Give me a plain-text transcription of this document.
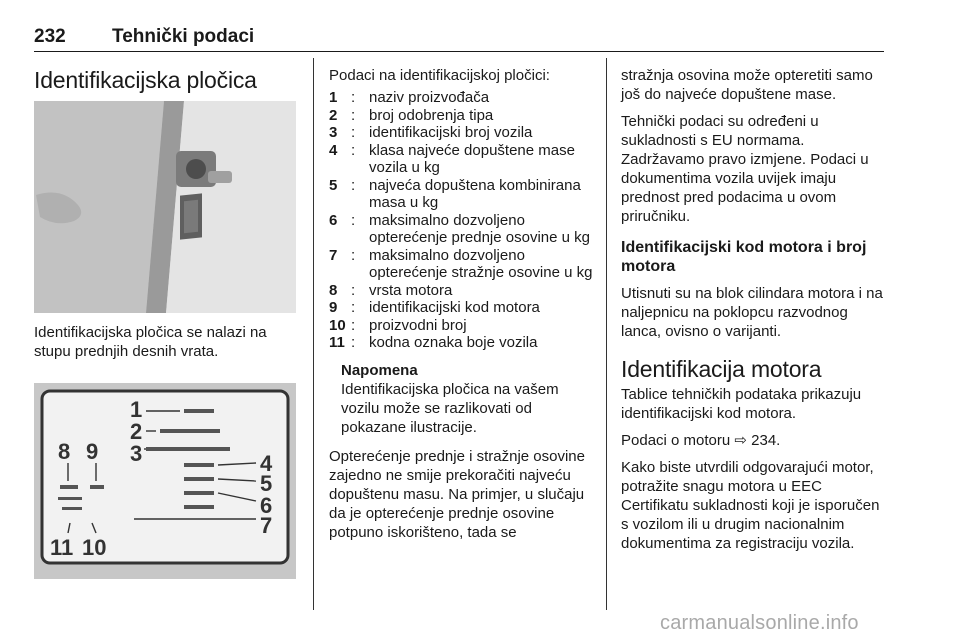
232 Tehnički podaci
Identifikacijska pločica

Identifikacijska pločica se nalazi na stupu prednjih desnih vrata.

1
2
3	4
5
6
7
8 9
10
11

Podaci na identifikacijskoj pločici:

1 : naziv proizvođača
2 : broj odobrenja tipa
3 : identifikacijski broj vozila
4 : klasa najveće dopuštene mase vozila u kg
5 : najveća dopuštena kombinirana masa u kg
6 : maksimalno dozvoljeno opterećenje prednje osovine u kg
7 : maksimalno dozvoljeno opterećenje stražnje osovine u kg
8 : vrsta motora
9 : identifikacijski kod motora
10 : proizvodni broj
11 : kodna oznaka boje vozila
Napomena

Identifikacijska pločica na vašem vozilu može se razlikovati od pokazane ilustracije.

Opterećenje prednje i stražnje osovine zajedno ne smije prekoračiti najveću dopuštenu masu. Na primjer, u slučaju da je opterećenje prednje osovine potpuno iskorišteno, tada se

stražnja osovina može opteretiti samo još do najveće dopuštene mase.

Tehnički podaci su određeni u sukladnosti s EU normama. Zadržavamo pravo izmjene. Podaci u dokumentima vozila uvijek imaju prednost pred podacima u ovom priručniku.

Identifikacijski kod motora i broj motora

Utisnuti su na blok cilindara motora i na naljepnicu na poklopcu razvodnog lanca, ovisno o varijanti.

Identifikacija motora

Tablice tehničkih podataka prikazuju identifikacijski kod motora.

Podaci o motoru ⇨ 234.

Kako biste utvrdili odgovarajući motor, potražite snagu motora u EEC Certifikatu sukladnosti koji je isporučen s vozilom ili u drugim nacionalnim dokumentima za registraciju vozila.

carmanualsonline.info
